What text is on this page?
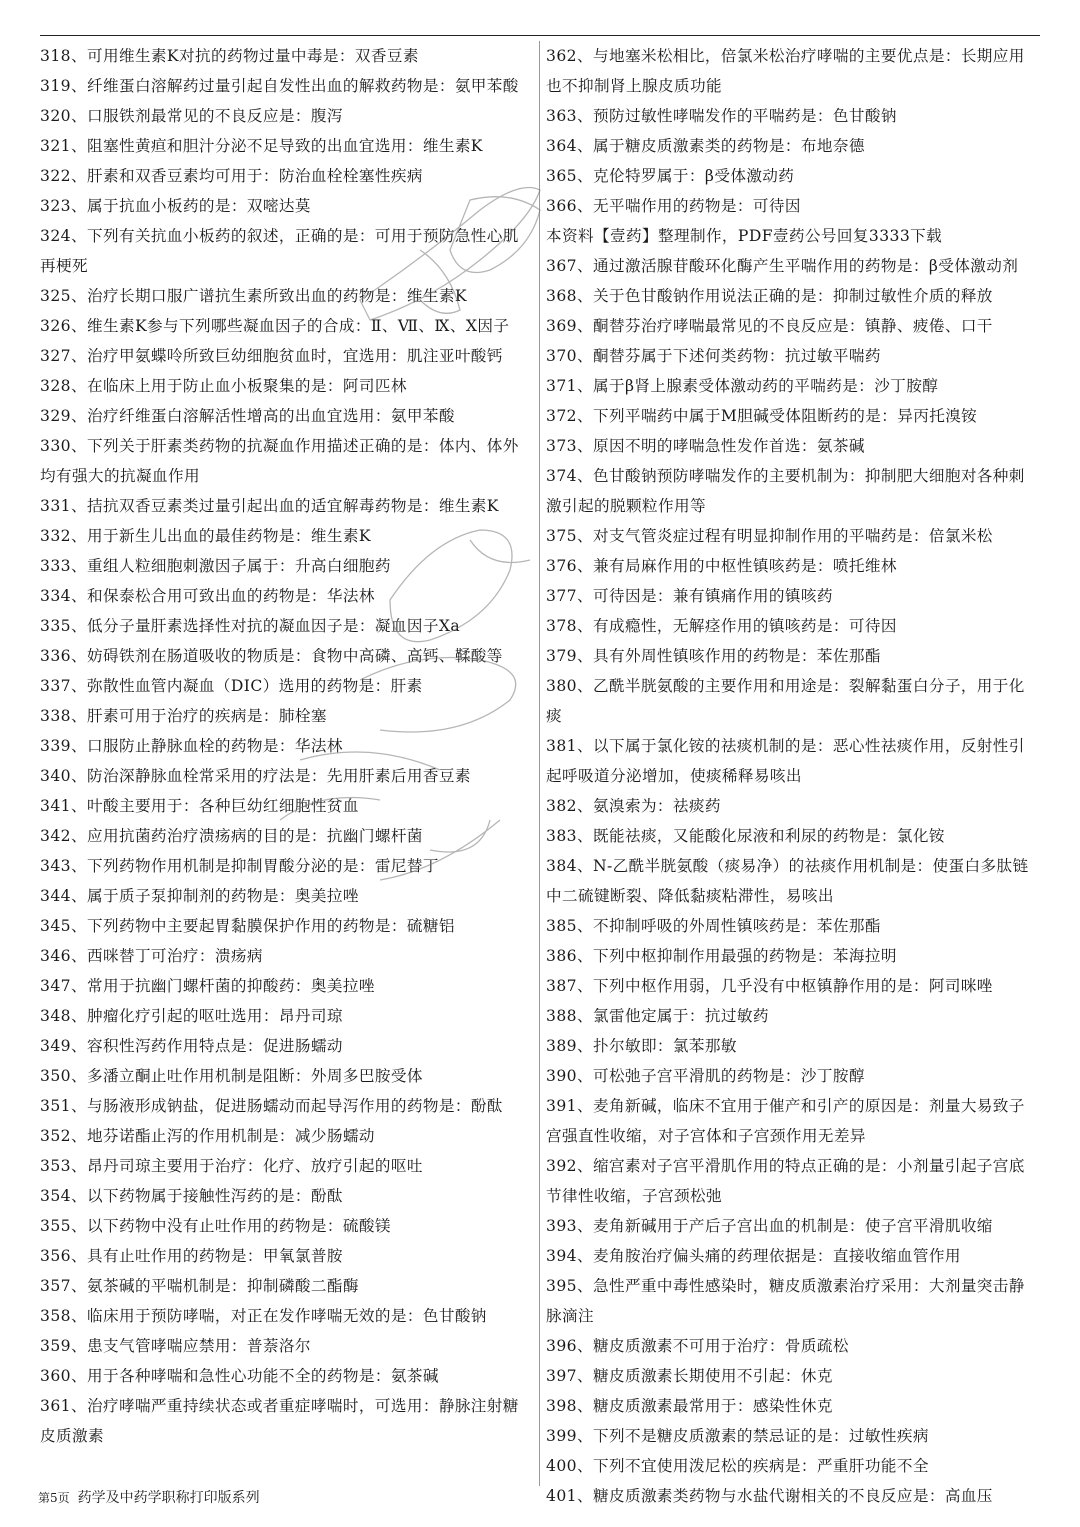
318、可用维生素K对抗的药物过量中毒是：双香豆素

319、纤维蛋白溶解药过量引起自发性出血的解救药物是：氨甲苯酸

320、口服铁剂最常见的不良反应是：腹泻

321、阻塞性黄疸和胆汁分泌不足导致的出血宜选用：维生素K

322、肝素和双香豆素均可用于：防治血栓栓塞性疾病

323、属于抗血小板药的是：双嘧达莫

324、下列有关抗血小板药的叙述，正确的是：可用于预防急性心肌再梗死

325、治疗长期口服广谱抗生素所致出血的药物是：维生素K

326、维生素K参与下列哪些凝血因子的合成：Ⅱ、Ⅶ、Ⅸ、Ⅹ因子

327、治疗甲氨蝶呤所致巨幼细胞贫血时，宜选用：肌注亚叶酸钙

328、在临床上用于防止血小板聚集的是：阿司匹林

329、治疗纤维蛋白溶解活性增高的出血宜选用：氨甲苯酸

330、下列关于肝素类药物的抗凝血作用描述正确的是：体内、体外均有强大的抗凝血作用

331、拮抗双香豆素类过量引起出血的适宜解毒药物是：维生素K

332、用于新生儿出血的最佳药物是：维生素K

333、重组人粒细胞刺激因子属于：升高白细胞药

334、和保泰松合用可致出血的药物是：华法林

335、低分子量肝素选择性对抗的凝血因子是：凝血因子Ⅹa

336、妨碍铁剂在肠道吸收的物质是：食物中高磷、高钙、鞣酸等

337、弥散性血管内凝血（DIC）选用的药物是：肝素

338、肝素可用于治疗的疾病是：肺栓塞

339、口服防止静脉血栓的药物是：华法林

340、防治深静脉血栓常采用的疗法是：先用肝素后用香豆素

341、叶酸主要用于：各种巨幼红细胞性贫血

342、应用抗菌药治疗溃疡病的目的是：抗幽门螺杆菌

343、下列药物作用机制是抑制胃酸分泌的是：雷尼替丁

344、属于质子泵抑制剂的药物是：奥美拉唑

345、下列药物中主要起胃黏膜保护作用的药物是：硫糖铝

346、西咪替丁可治疗：溃疡病

347、常用于抗幽门螺杆菌的抑酸药：奥美拉唑

348、肿瘤化疗引起的呕吐选用：昂丹司琼

349、容积性泻药作用特点是：促进肠蠕动

350、多潘立酮止吐作用机制是阻断：外周多巴胺受体

351、与肠液形成钠盐，促进肠蠕动而起导泻作用的药物是：酚酞

352、地芬诺酯止泻的作用机制是：减少肠蠕动

353、昂丹司琼主要用于治疗：化疗、放疗引起的呕吐

354、以下药物属于接触性泻药的是：酚酞

355、以下药物中没有止吐作用的药物是：硫酸镁

356、具有止吐作用的药物是：甲氧氯普胺

357、氨茶碱的平喘机制是：抑制磷酸二酯酶

358、临床用于预防哮喘，对正在发作哮喘无效的是：色甘酸钠

359、患支气管哮喘应禁用：普萘洛尔

360、用于各种哮喘和急性心功能不全的药物是：氨茶碱

361、治疗哮喘严重持续状态或者重症哮喘时，可选用：静脉注射糖皮质激素

362、与地塞米松相比，倍氯米松治疗哮喘的主要优点是：长期应用也不抑制肾上腺皮质功能

363、预防过敏性哮喘发作的平喘药是：色甘酸钠

364、属于糖皮质激素类的药物是：布地奈德

365、克伦特罗属于：β受体激动药

366、无平喘作用的药物是：可待因

本资料【壹药】整理制作，PDF壹药公号回复3333下载

367、通过激活腺苷酸环化酶产生平喘作用的药物是：β受体激动剂

368、关于色甘酸钠作用说法正确的是：抑制过敏性介质的释放

369、酮替芬治疗哮喘最常见的不良反应是：镇静、疲倦、口干

370、酮替芬属于下述何类药物：抗过敏平喘药

371、属于β肾上腺素受体激动药的平喘药是：沙丁胺醇

372、下列平喘药中属于M胆碱受体阻断药的是：异丙托溴铵

373、原因不明的哮喘急性发作首选：氨茶碱

374、色甘酸钠预防哮喘发作的主要机制为：抑制肥大细胞对各种刺激引起的脱颗粒作用等

375、对支气管炎症过程有明显抑制作用的平喘药是：倍氯米松

376、兼有局麻作用的中枢性镇咳药是：喷托维林

377、可待因是：兼有镇痛作用的镇咳药

378、有成瘾性，无解痉作用的镇咳药是：可待因

379、具有外周性镇咳作用的药物是：苯佐那酯

380、乙酰半胱氨酸的主要作用和用途是：裂解黏蛋白分子，用于化痰

381、以下属于氯化铵的祛痰机制的是：恶心性祛痰作用，反射性引起呼吸道分泌增加，使痰稀释易咳出

382、氨溴索为：祛痰药

383、既能祛痰，又能酸化尿液和利尿的药物是：氯化铵

384、N-乙酰半胱氨酸（痰易净）的祛痰作用机制是：使蛋白多肽链中二硫键断裂、降低黏痰粘滞性，易咳出

385、不抑制呼吸的外周性镇咳药是：苯佐那酯

386、下列中枢抑制作用最强的药物是：苯海拉明

387、下列中枢作用弱，几乎没有中枢镇静作用的是：阿司咪唑

388、氯雷他定属于：抗过敏药

389、扑尔敏即：氯苯那敏

390、可松弛子宫平滑肌的药物是：沙丁胺醇

391、麦角新碱，临床不宜用于催产和引产的原因是：剂量大易致子宫强直性收缩，对子宫体和子宫颈作用无差异

392、缩宫素对子宫平滑肌作用的特点正确的是：小剂量引起子宫底节律性收缩，子宫颈松弛

393、麦角新碱用于产后子宫出血的机制是：使子宫平滑肌收缩

394、麦角胺治疗偏头痛的药理依据是：直接收缩血管作用

395、急性严重中毒性感染时，糖皮质激素治疗采用：大剂量突击静脉滴注

396、糖皮质激素不可用于治疗：骨质疏松

397、糖皮质激素长期使用不引起：休克

398、糖皮质激素最常用于：感染性休克

399、下列不是糖皮质激素的禁忌证的是：过敏性疾病

400、下列不宜使用泼尼松的疾病是：严重肝功能不全

401、糖皮质激素类药物与水盐代谢相关的不良反应是：高血压

第5页 药学及中药学职称打印版系列
